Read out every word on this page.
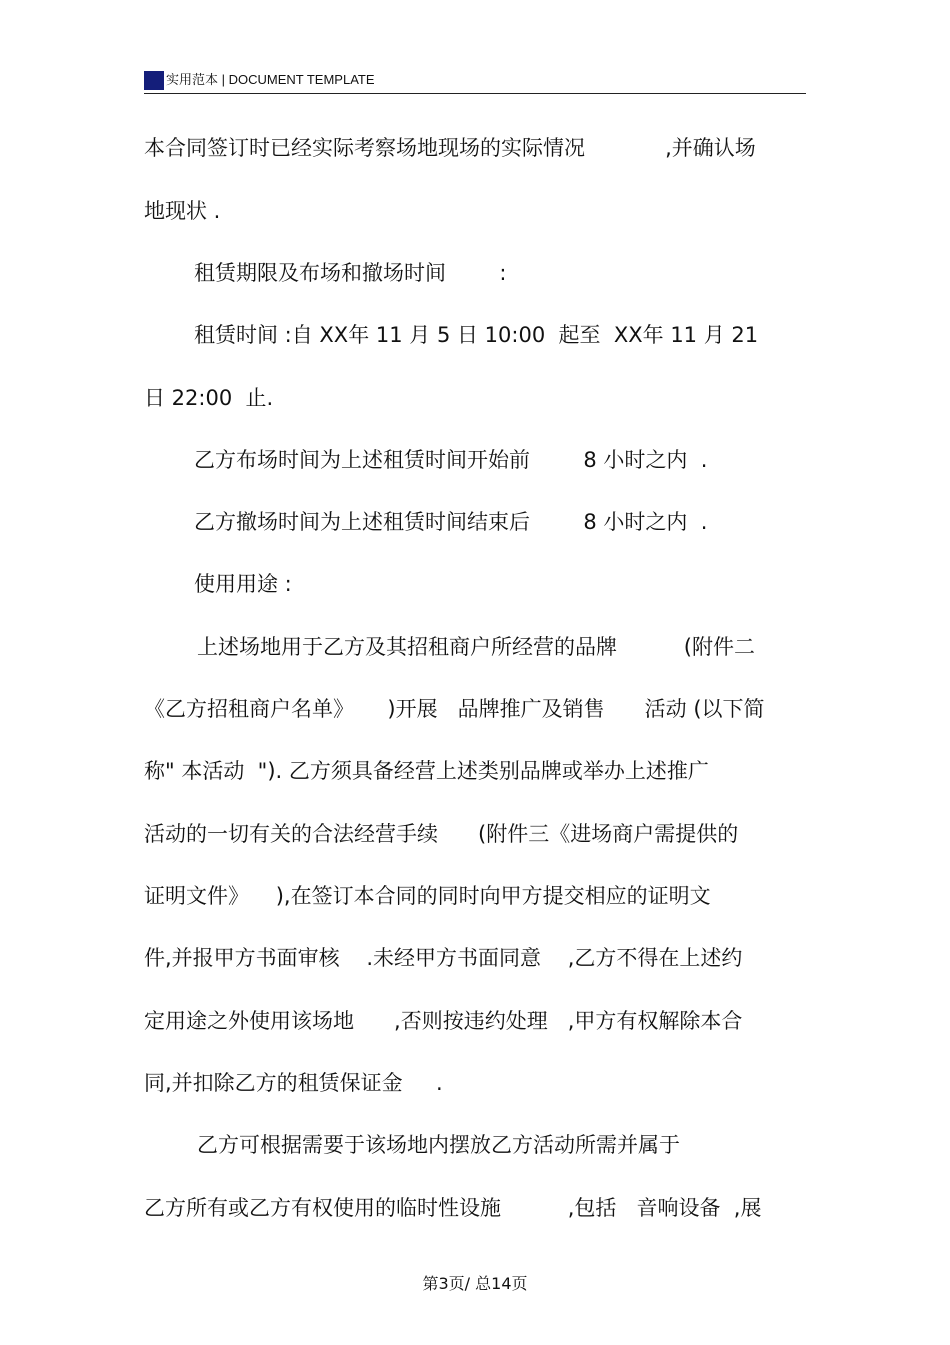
实用范本 | DOCUMENT TEMPLATE
本合同签订时已经实际考察场地现场的实际情况            ,并确认场
地现状 .
租赁期限及布场和撤场时间        :
租赁时间 :自 XX年 11 月 5 日 10:00  起至  XX年 11 月 21
日 22:00  止.
乙方布场时间为上述租赁时间开始前        8 小时之内  .
乙方撤场时间为上述租赁时间结束后        8 小时之内  .
使用用途 :
上述场地用于乙方及其招租商户所经营的品牌          (附件二
《乙方招租商户名单》     )开展   品牌推广及销售      活动 (以下简
称" 本活动  "). 乙方须具备经营上述类别品牌或举办上述推广
活动的一切有关的合法经营手续      (附件三《进场商户需提供的
证明文件》    ),在签订本合同的同时向甲方提交相应的证明文
件,并报甲方书面审核    .未经甲方书面同意    ,乙方不得在上述约
定用途之外使用该场地      ,否则按违约处理   ,甲方有权解除本合
同,并扣除乙方的租赁保证金     .
乙方可根据需要于该场地内摆放乙方活动所需并属于
乙方所有或乙方有权使用的临时性设施          ,包括   音响设备  ,展
第3页/ 总14页
